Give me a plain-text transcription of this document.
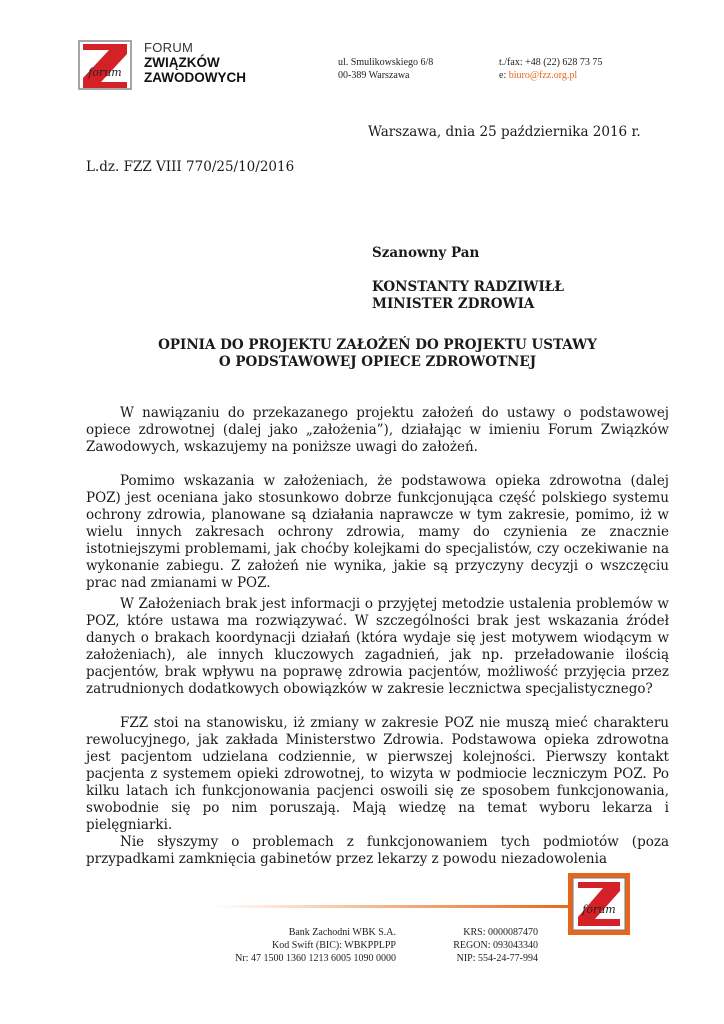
forum
FORUM
ZWIĄZKÓW
ZAWODOWYCH
ul. Smulikowskiego 6/8
00-389 Warszawa
t./fax: +48 (22) 628 73 75
e: biuro@fzz.org.pl
Warszawa, dnia 25 października 2016 r.
L.dz. FZZ VIII 770/25/10/2016
Szanowny Pan
KONSTANTY RADZIWIŁŁ
MINISTER ZDROWIA
OPINIA DO PROJEKTU ZAŁOŻEŃ DO PROJEKTU USTAWY
O PODSTAWOWEJ OPIECE ZDROWOTNEJ

W nawiązaniu do przekazanego projektu założeń do ustawy o podstawowej opiece zdrowotnej (dalej jako „założenia”), działając w imieniu Forum Związków Zawodowych, wskazujemy na poniższe uwagi do założeń.

Pomimo wskazania w założeniach, że podstawowa opieka zdrowotna (dalej POZ) jest oceniana jako stosunkowo dobrze funkcjonująca część polskiego systemu ochrony zdrowia, planowane są działania naprawcze w tym zakresie, pomimo, iż w wielu innych zakresach ochrony zdrowia, mamy do czynienia ze znacznie istotniejszymi problemami, jak choćby kolejkami do specjalistów, czy oczekiwanie na wykonanie zabiegu. Z założeń nie wynika, jakie są przyczyny decyzji o wszczęciu prac nad zmianami w POZ.

W Założeniach brak jest informacji o przyjętej metodzie ustalenia problemów w POZ, które ustawa ma rozwiązywać. W szczególności brak jest wskazania źródeł danych o brakach koordynacji działań (która wydaje się jest motywem wiodącym w założeniach), ale innych kluczowych zagadnień, jak np. przeładowanie ilością pacjentów, brak wpływu na poprawę zdrowia pacjentów, możliwość przyjęcia przez zatrudnionych dodatkowych obowiązków w zakresie lecznictwa specjalistycznego?

FZZ stoi na stanowisku, iż zmiany w zakresie POZ nie muszą mieć charakteru rewolucyjnego, jak zakłada Ministerstwo Zdrowia. Podstawowa opieka zdrowotna jest pacjentom udzielana codziennie, w pierwszej kolejności. Pierwszy kontakt pacjenta z systemem opieki zdrowotnej, to wizyta w podmiocie leczniczym POZ. Po kilku latach ich funkcjonowania pacjenci oswoili się ze sposobem funkcjonowania, swobodnie się po nim poruszają. Mają wiedzę na temat wyboru lekarza i pielęgniarki.

Nie słyszymy o problemach z funkcjonowaniem tych podmiotów (poza przypadkami zamknięcia gabinetów przez lekarzy z powodu niezadowolenia

forum
Bank Zachodni WBK S.A.
Kod Swift (BIC): WBKPPLPP
Nr: 47 1500 1360 1213 6005 1090 0000
KRS: 0000087470
REGON: 093043340
NIP: 554-24-77-994
